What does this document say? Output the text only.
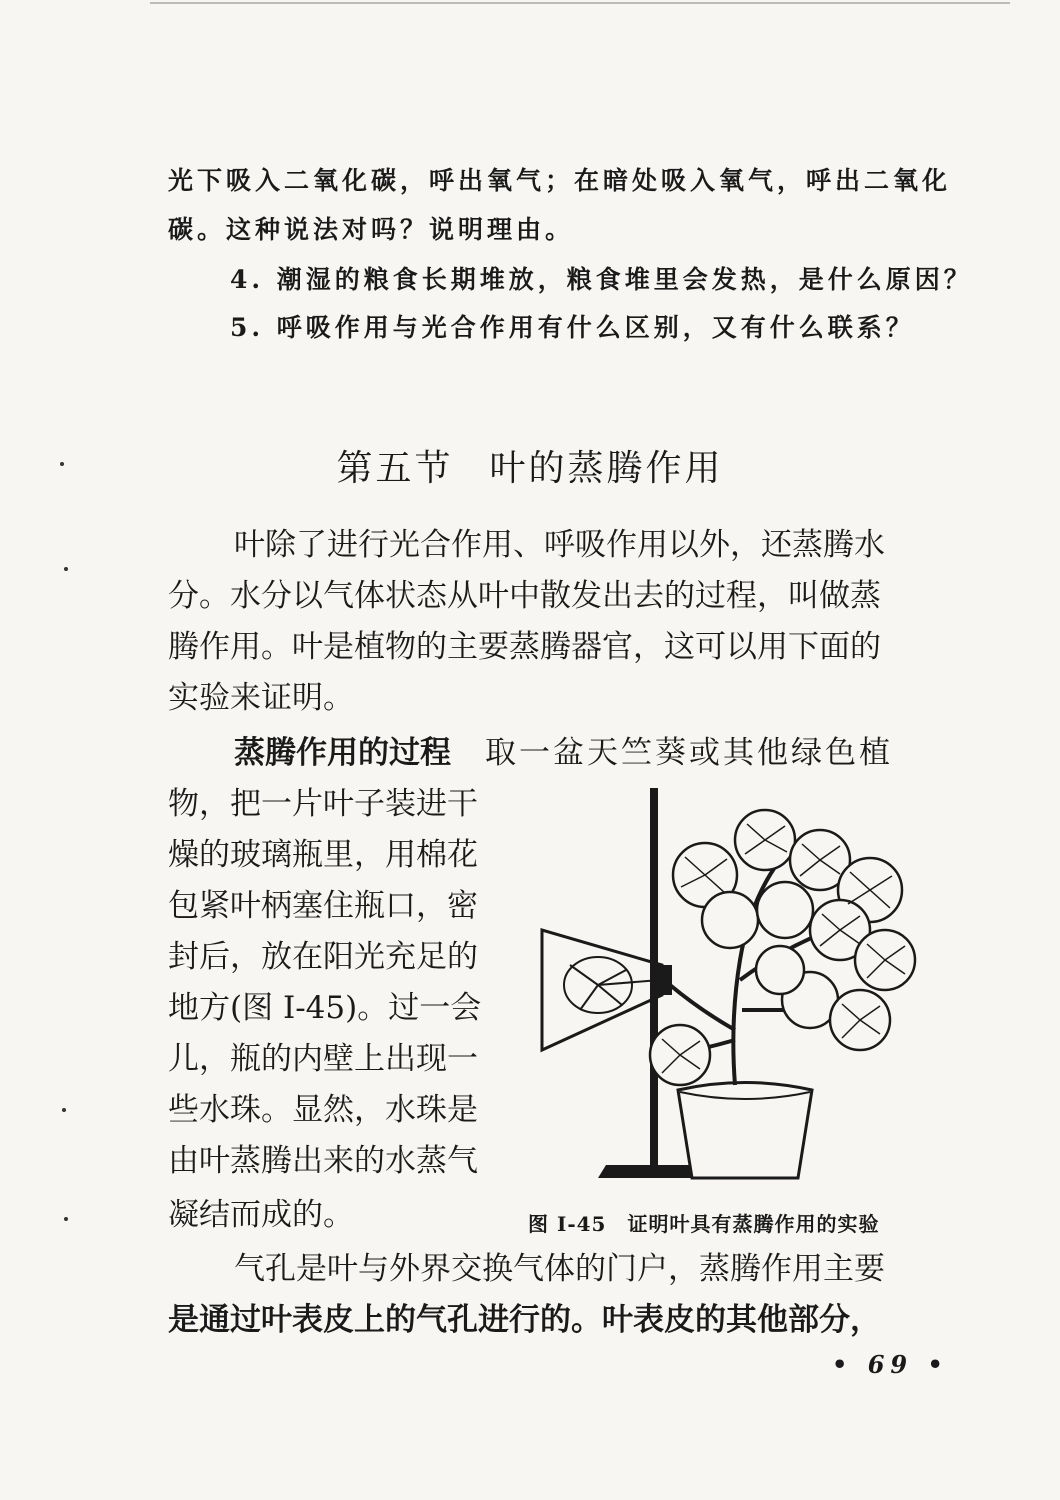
光下吸入二氧化碳，呼出氧气；在暗处吸入氧气，呼出二氧化
碳。这种说法对吗？说明理由。
4. 潮湿的粮食长期堆放，粮食堆里会发热，是什么原因？
5. 呼吸作用与光合作用有什么区别，又有什么联系？
第五节 叶的蒸腾作用
叶除了进行光合作用、呼吸作用以外，还蒸腾水
分。水分以气体状态从叶中散发出去的过程，叫做蒸
腾作用。叶是植物的主要蒸腾器官，这可以用下面的
实验来证明。
蒸腾作用的过程 取一盆天竺葵或其他绿色植
物，把一片叶子装进干
燥的玻璃瓶里，用棉花
包紧叶柄塞住瓶口，密
封后，放在阳光充足的
地方(图 I-45)。过一会
儿，瓶的内壁上出现一
些水珠。显然，水珠是
由叶蒸腾出来的水蒸气
凝结而成的。	图 I-45　证明叶具有蒸腾作用的实验
气孔是叶与外界交换气体的门户，蒸腾作用主要
是通过叶表皮上的气孔进行的。叶表皮的其他部分，
• 69 •
